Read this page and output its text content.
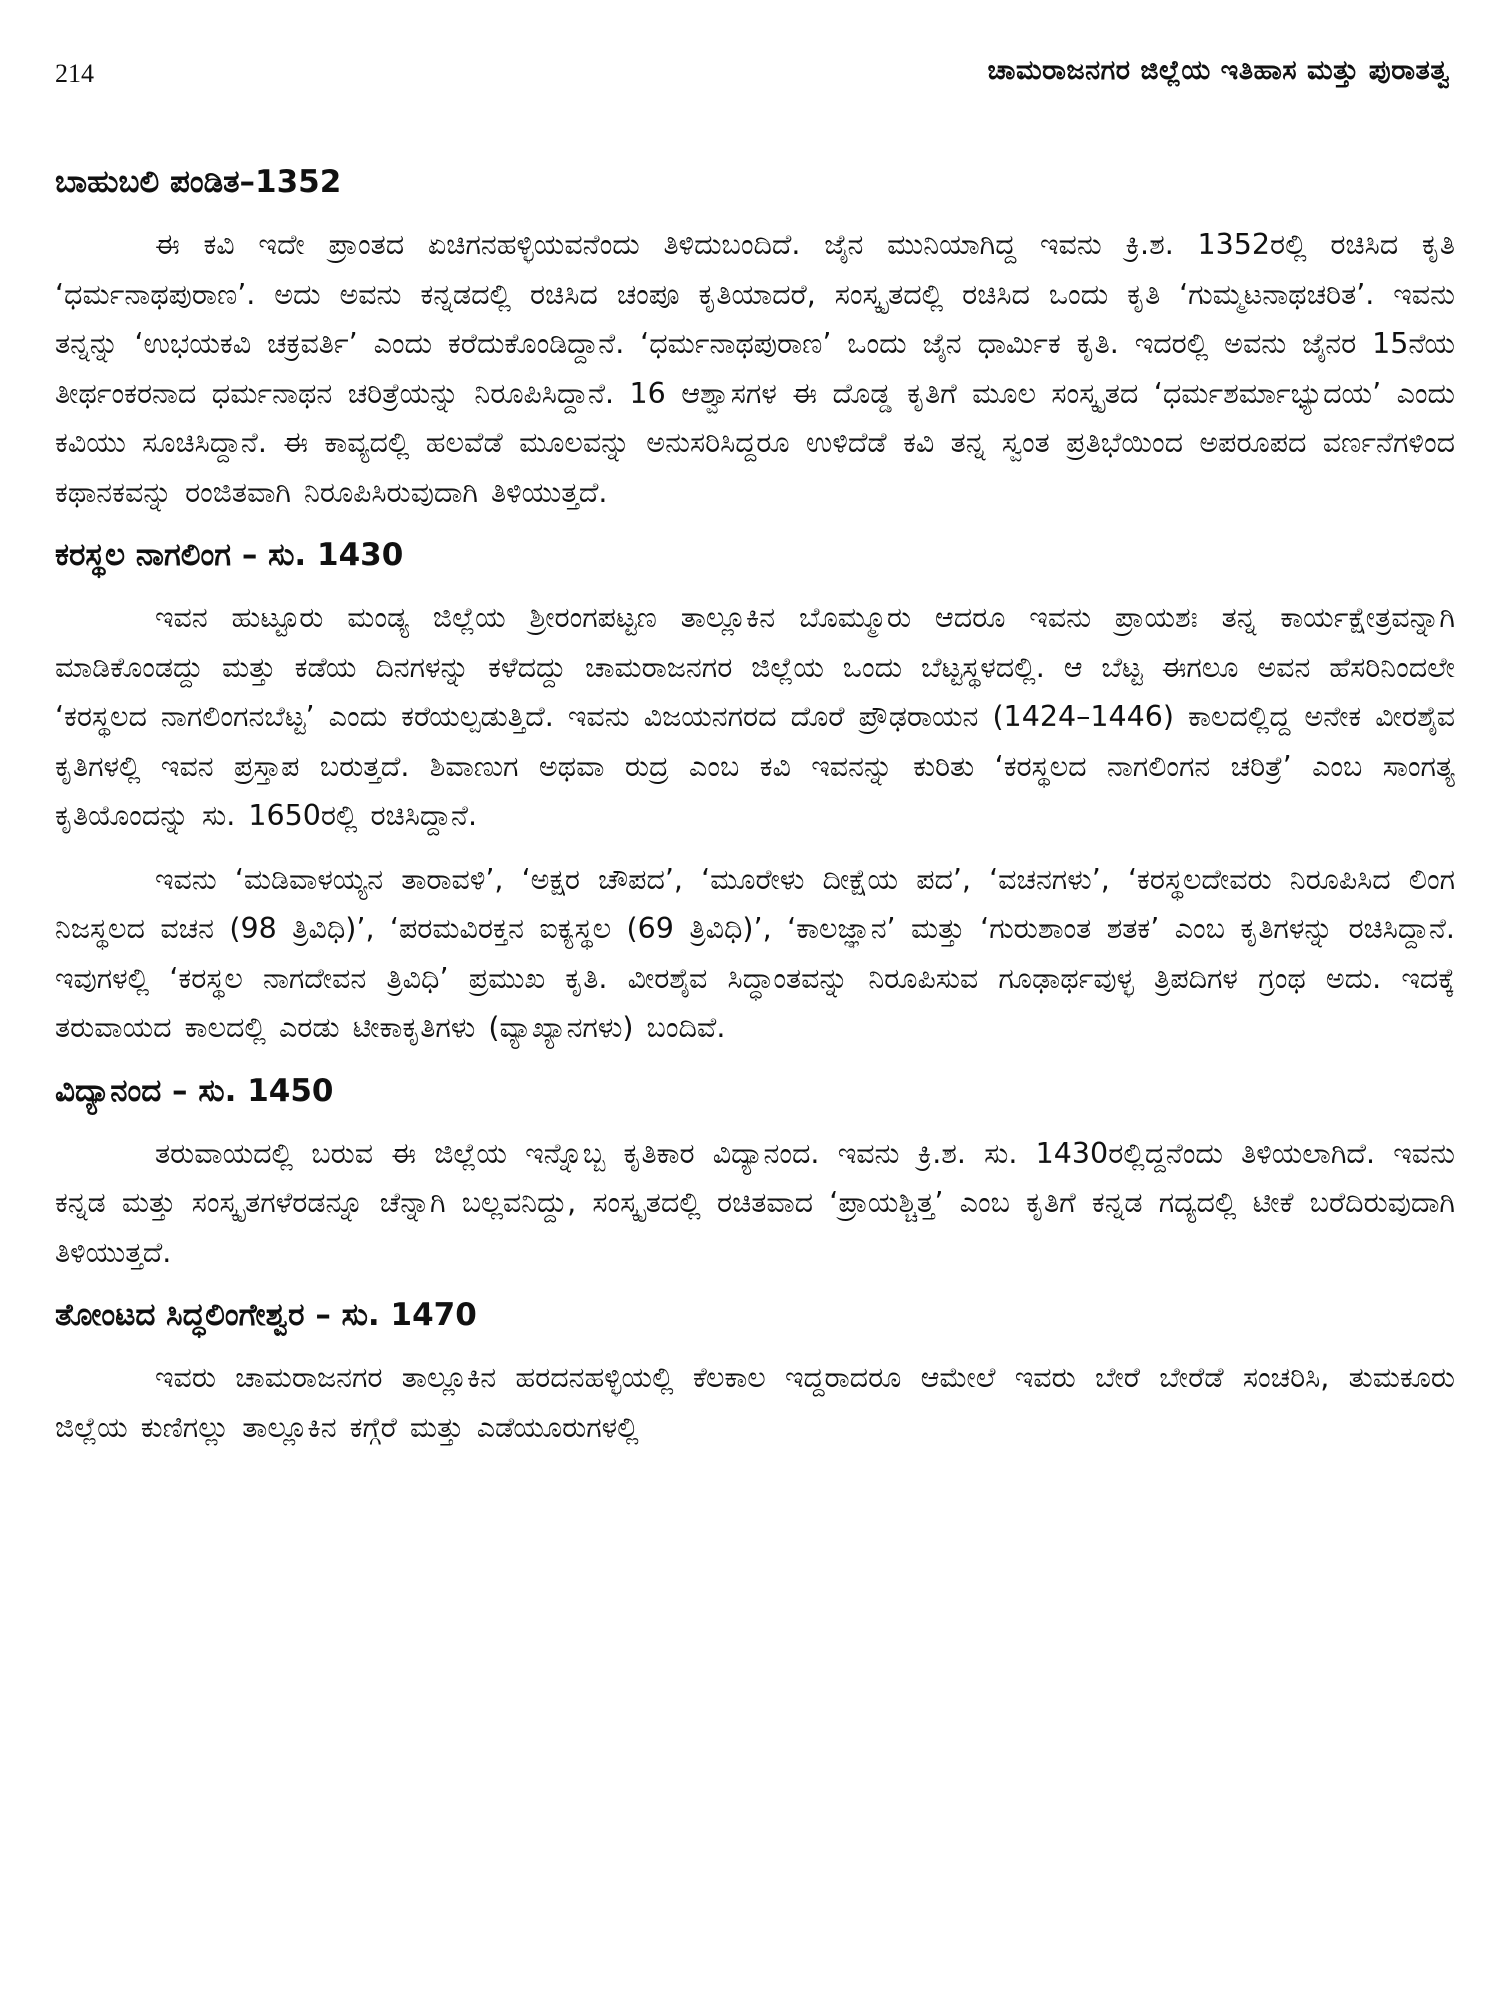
214	ಚಾಮರಾಜನಗರ ಜಿಲ್ಲೆಯ ಇತಿಹಾಸ ಮತ್ತು ಪುರಾತತ್ವ
ಬಾಹುಬಲಿ ಪಂಡಿತ–1352

ಈ ಕವಿ ಇದೇ ಪ್ರಾಂತದ ಏಚಿಗನಹಳ್ಳಿಯವನೆಂದು ತಿಳಿದುಬಂದಿದೆ. ಜೈನ ಮುನಿಯಾಗಿದ್ದ ಇವನು ಕ್ರಿ.ಶ. 1352ರಲ್ಲಿ ರಚಿಸಿದ ಕೃತಿ ‘ಧರ್ಮನಾಥಪುರಾಣ’. ಅದು ಅವನು ಕನ್ನಡದಲ್ಲಿ ರಚಿಸಿದ ಚಂಪೂ ಕೃತಿಯಾದರೆ, ಸಂಸ್ಕೃತದಲ್ಲಿ ರಚಿಸಿದ ಒಂದು ಕೃತಿ ‘ಗುಮ್ಮಟನಾಥಚರಿತ’. ಇವನು ತನ್ನನ್ನು ‘ಉಭಯಕವಿ ಚಕ್ರವರ್ತಿ’ ಎಂದು ಕರೆದುಕೊಂಡಿದ್ದಾನೆ. ‘ಧರ್ಮನಾಥಪುರಾಣ’ ಒಂದು ಜೈನ ಧಾರ್ಮಿಕ ಕೃತಿ. ಇದರಲ್ಲಿ ಅವನು ಜೈನರ 15ನೆಯ ತೀರ್ಥಂಕರನಾದ ಧರ್ಮನಾಥನ ಚರಿತ್ರೆಯನ್ನು ನಿರೂಪಿಸಿದ್ದಾನೆ. 16 ಆಶ್ವಾಸಗಳ ಈ ದೊಡ್ಡ ಕೃತಿಗೆ ಮೂಲ ಸಂಸ್ಕೃತದ ‘ಧರ್ಮಶರ್ಮಾಭ್ಯುದಯ’ ಎಂದು ಕವಿಯು ಸೂಚಿಸಿದ್ದಾನೆ. ಈ ಕಾವ್ಯದಲ್ಲಿ ಹಲವೆಡೆ ಮೂಲವನ್ನು ಅನುಸರಿಸಿದ್ದರೂ ಉಳಿದೆಡೆ ಕವಿ ತನ್ನ ಸ್ವಂತ ಪ್ರತಿಭೆಯಿಂದ ಅಪರೂಪದ ವರ್ಣನೆಗಳಿಂದ ಕಥಾನಕವನ್ನು ರಂಜಿತವಾಗಿ ನಿರೂಪಿಸಿರುವುದಾಗಿ ತಿಳಿಯುತ್ತದೆ.

ಕರಸ್ಥಲ ನಾಗಲಿಂಗ – ಸು. 1430

ಇವನ ಹುಟ್ಟೂರು ಮಂಡ್ಯ ಜಿಲ್ಲೆಯ ಶ್ರೀರಂಗಪಟ್ಟಣ ತಾಲ್ಲೂಕಿನ ಬೊಮ್ಮೂರು ಆದರೂ ಇವನು ಪ್ರಾಯಶಃ ತನ್ನ ಕಾರ್ಯಕ್ಷೇತ್ರವನ್ನಾಗಿ ಮಾಡಿಕೊಂಡದ್ದು ಮತ್ತು ಕಡೆಯ ದಿನಗಳನ್ನು ಕಳೆದದ್ದು ಚಾಮರಾಜನಗರ ಜಿಲ್ಲೆಯ ಒಂದು ಬೆಟ್ಟಸ್ಥಳದಲ್ಲಿ. ಆ ಬೆಟ್ಟ ಈಗಲೂ ಅವನ ಹೆಸರಿನಿಂದಲೇ ‘ಕರಸ್ಥಲದ ನಾಗಲಿಂಗನಬೆಟ್ಟ’ ಎಂದು ಕರೆಯಲ್ಪಡುತ್ತಿದೆ. ಇವನು ವಿಜಯನಗರದ ದೊರೆ ಪ್ರೌಢರಾಯನ (1424–1446) ಕಾಲದಲ್ಲಿದ್ದ ಅನೇಕ ವೀರಶೈವ ಕೃತಿಗಳಲ್ಲಿ ಇವನ ಪ್ರಸ್ತಾಪ ಬರುತ್ತದೆ. ಶಿವಾಣುಗ ಅಥವಾ ರುದ್ರ ಎಂಬ ಕವಿ ಇವನನ್ನು ಕುರಿತು ‘ಕರಸ್ಥಲದ ನಾಗಲಿಂಗನ ಚರಿತ್ರೆ’ ಎಂಬ ಸಾಂಗತ್ಯ ಕೃತಿಯೊಂದನ್ನು ಸು. 1650ರಲ್ಲಿ ರಚಿಸಿದ್ದಾನೆ.

ಇವನು ‘ಮಡಿವಾಳಯ್ಯನ ತಾರಾವಳಿ’, ‘ಅಕ್ಷರ ಚೌಪದ’, ‘ಮೂರೇಳು ದೀಕ್ಷೆಯ ಪದ’, ‘ವಚನಗಳು’, ‘ಕರಸ್ಥಲದೇವರು ನಿರೂಪಿಸಿದ ಲಿಂಗ ನಿಜಸ್ಥಲದ ವಚನ (98 ತ್ರಿವಿಧಿ)’, ‘ಪರಮವಿರಕ್ತನ ಐಕ್ಯಸ್ಥಲ (69 ತ್ರಿವಿಧಿ)’, ‘ಕಾಲಜ್ಞಾನ’ ಮತ್ತು ‘ಗುರುಶಾಂತ ಶತಕ’ ಎಂಬ ಕೃತಿಗಳನ್ನು ರಚಿಸಿದ್ದಾನೆ. ಇವುಗಳಲ್ಲಿ ‘ಕರಸ್ಥಲ ನಾಗದೇವನ ತ್ರಿವಿಧಿ’ ಪ್ರಮುಖ ಕೃತಿ. ವೀರಶೈವ ಸಿದ್ಧಾಂತವನ್ನು ನಿರೂಪಿಸುವ ಗೂಢಾರ್ಥವುಳ್ಳ ತ್ರಿಪದಿಗಳ ಗ್ರಂಥ ಅದು. ಇದಕ್ಕೆ ತರುವಾಯದ ಕಾಲದಲ್ಲಿ ಎರಡು ಟೀಕಾಕೃತಿಗಳು (ವ್ಯಾಖ್ಯಾನಗಳು) ಬಂದಿವೆ.

ವಿದ್ಯಾನಂದ – ಸು. 1450

ತರುವಾಯದಲ್ಲಿ ಬರುವ ಈ ಜಿಲ್ಲೆಯ ಇನ್ನೊಬ್ಬ ಕೃತಿಕಾರ ವಿದ್ಯಾನಂದ. ಇವನು ಕ್ರಿ.ಶ. ಸು. 1430ರಲ್ಲಿದ್ದನೆಂದು ತಿಳಿಯಲಾಗಿದೆ. ಇವನು ಕನ್ನಡ ಮತ್ತು ಸಂಸ್ಕೃತಗಳೆರಡನ್ನೂ ಚೆನ್ನಾಗಿ ಬಲ್ಲವನಿದ್ದು, ಸಂಸ್ಕೃತದಲ್ಲಿ ರಚಿತವಾದ ‘ಪ್ರಾಯಶ್ಚಿತ್ತ’ ಎಂಬ ಕೃತಿಗೆ ಕನ್ನಡ ಗದ್ಯದಲ್ಲಿ ಟೀಕೆ ಬರೆದಿರುವುದಾಗಿ ತಿಳಿಯುತ್ತದೆ.

ತೋಂಟದ ಸಿದ್ಧಲಿಂಗೇಶ್ವರ – ಸು. 1470

ಇವರು ಚಾಮರಾಜನಗರ ತಾಲ್ಲೂಕಿನ ಹರದನಹಳ್ಳಿಯಲ್ಲಿ ಕೆಲಕಾಲ ಇದ್ದರಾದರೂ ಆಮೇಲೆ ಇವರು ಬೇರೆ ಬೇರೆಡೆ ಸಂಚರಿಸಿ, ತುಮಕೂರು ಜಿಲ್ಲೆಯ ಕುಣಿಗಲ್ಲು ತಾಲ್ಲೂಕಿನ ಕಗ್ಗೆರೆ ಮತ್ತು ಎಡೆಯೂರುಗಳಲ್ಲಿ
